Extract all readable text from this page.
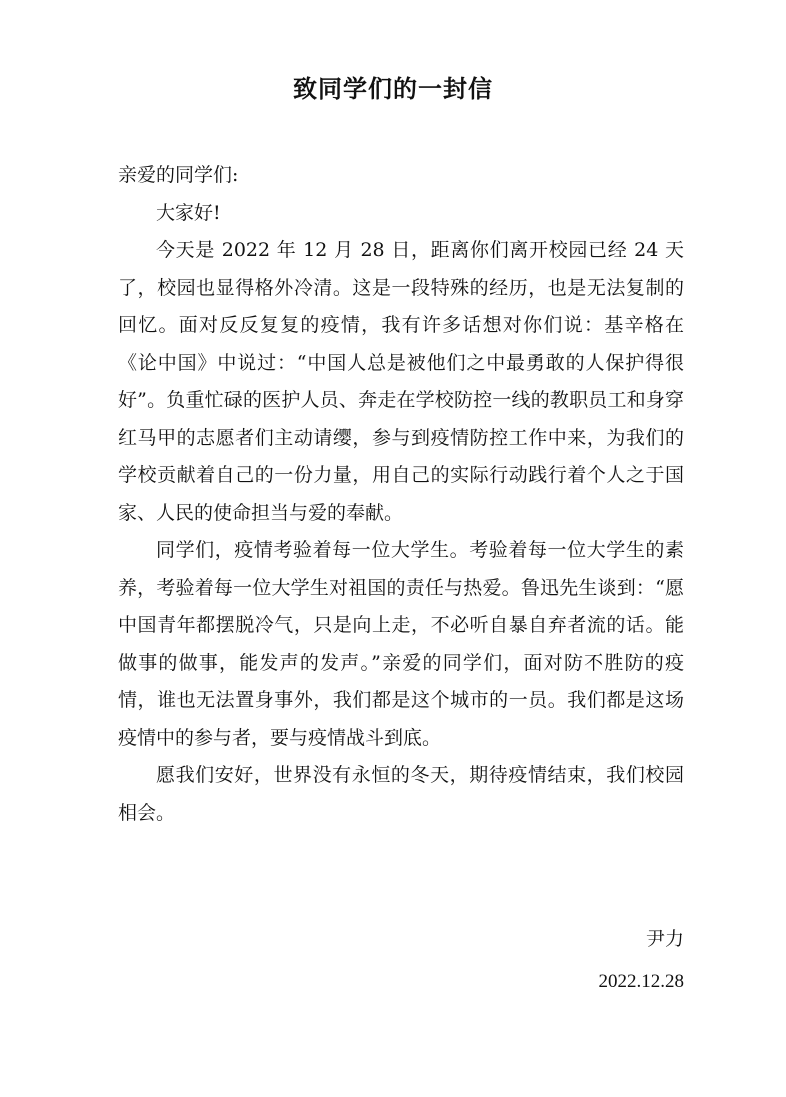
致同学们的一封信

亲爱的同学们:

大家好!

今天是 2022 年 12 月 28 日，距离你们离开校园已经 24 天了，校园也显得格外冷清。这是一段特殊的经历，也是无法复制的回忆。面对反反复复的疫情，我有许多话想对你们说：基辛格在《论中国》中说过：“中国人总是被他们之中最勇敢的人保护得很好”。负重忙碌的医护人员、奔走在学校防控一线的教职员工和身穿红马甲的志愿者们主动请缨，参与到疫情防控工作中来，为我们的学校贡献着自己的一份力量，用自己的实际行动践行着个人之于国家、人民的使命担当与爱的奉献。

同学们，疫情考验着每一位大学生。考验着每一位大学生的素养，考验着每一位大学生对祖国的责任与热爱。鲁迅先生谈到：“愿中国青年都摆脱冷气，只是向上走，不必听自暴自弃者流的话。能做事的做事，能发声的发声。”亲爱的同学们，面对防不胜防的疫情，谁也无法置身事外，我们都是这个城市的一员。我们都是这场疫情中的参与者，要与疫情战斗到底。

愿我们安好，世界没有永恒的冬天，期待疫情结束，我们校园相会。

尹力
2022.12.28
